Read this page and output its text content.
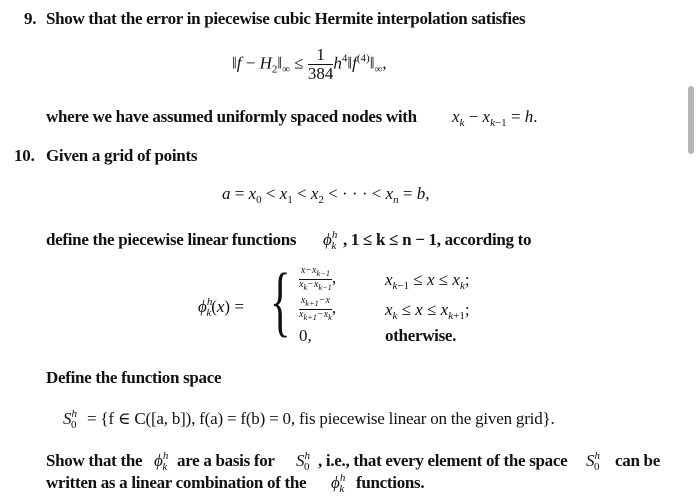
9. Show that the error in piecewise cubic Hermite interpolation satisfies
‖f − $H_2‖_\infty \le \frac{1}{384}$ $h^4‖f^{(4)}‖_\infty$,
where we have assumed uniformly spaced nodes with $x_k - x_{k-1} = h$.
10. Given a grid of points
$a = x_0 < x_1 < x_2$ < · · · < $x_n = b$,
define the piecewise linear functions $\phi^h_k$ , 1 ≤ k ≤ n − 1, according to
$\phi^h_k(x)$ = { $\frac{x-x_{k-1}}{x_k-x_{k-1}}$ ,	$x_{k-1} \le x \le x_k$;
$\frac{x_{k+1}-x}{x_{k+1}-x_k}$ ,	$x_k \le x \le x_{k+1}$;
0,	otherwise.
Define the function space
$S^h_0 = \{f$ ∈ C([a, b]), f(a) = f(b) = 0, fis piecewise linear on the given grid}.
Show that the $\phi^h_k$ are a basis for $S^h_0$ , i.e., that every element of the space $S^h_0$ can be
written as a linear combination of the $\phi^h_k$ functions.
